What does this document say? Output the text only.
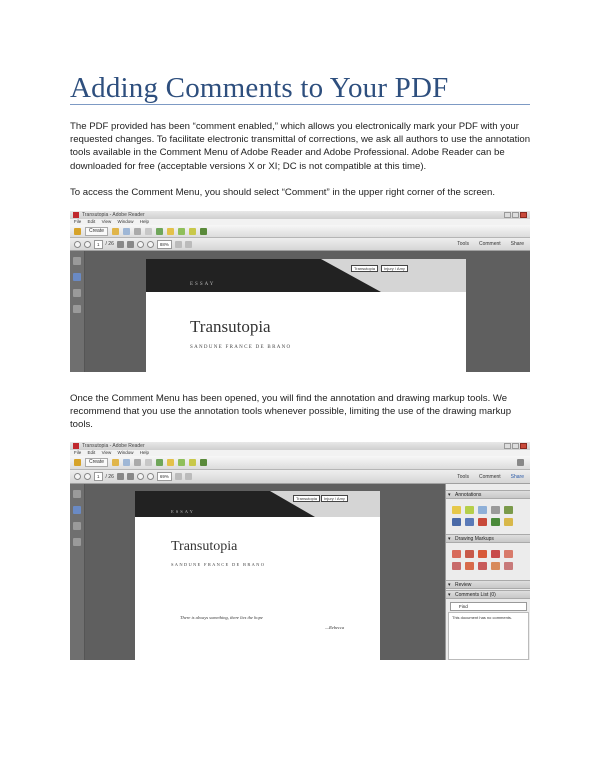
Adding Comments to Your PDF
The PDF provided has been “comment enabled,” which allows you electronically mark your PDF with your requested changes. To facilitate electronic transmittal of corrections, we ask all authors to use the annotation tools available in the Comment Menu of Adobe Reader and Adobe Professional. Adobe Reader can be downloaded for free (acceptable versions X or XI; DC is not compatible at this time).
To access the Comment Menu, you should select “Comment” in the upper right corner of the screen.
Transutopia - Adobe Reader
File Edit View Window Help
Create
1	/ 26	88%	Tools Comment Share
ESSAY
Transutopia	Injury / Amy
Transutopia
SANDUNE FRANCE DE BRANO
Once the Comment Menu has been opened, you will find the annotation and drawing markup tools. We recommend that you use the annotation tools whenever possible, limiting the use of the drawing markup tools.
Transutopia - Adobe Reader
File Edit View Window Help
Create
1	/ 26	69%	Tools Comment Share
ESSAY
Transutopia	Injury / Amy
Transutopia
SANDUNE FRANCE DE BRANO
There is always something, there lies the hope
—Rebecca
▾ Annotations
▾ Drawing Markups
▾ Review
▾ Comments List (0)
Find
This document has no comments.
